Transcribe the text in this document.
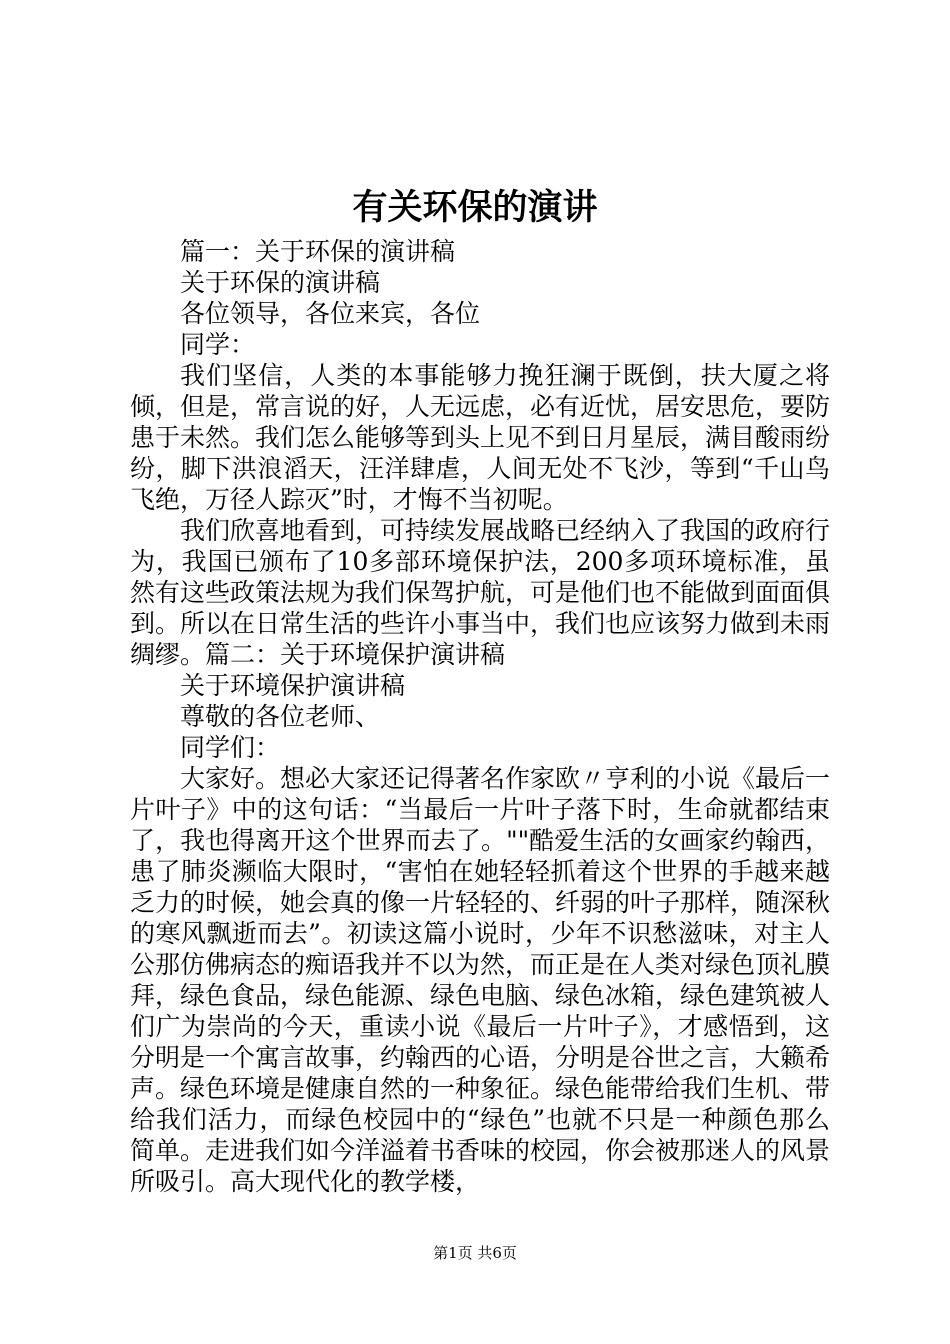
有关环保的演讲

篇一：关于环保的演讲稿

关于环保的演讲稿

各位领导，各位来宾，各位

同学：

我们坚信，人类的本事能够力挽狂澜于既倒，扶大厦之将倾，但是，常言说的好，人无远虑，必有近忧，居安思危，要防患于未然。我们怎么能够等到头上见不到日月星辰，满目酸雨纷纷，脚下洪浪滔天，汪洋肆虐，人间无处不飞沙，等到“千山鸟飞绝，万径人踪灭”时，才悔不当初呢。

我们欣喜地看到，可持续发展战略已经纳入了我国的政府行为，我国已颁布了10多部环境保护法，200多项环境标准，虽然有这些政策法规为我们保驾护航，可是他们也不能做到面面俱到。所以在日常生活的些许小事当中，我们也应该努力做到未雨绸缪。篇二：关于环境保护演讲稿

关于环境保护演讲稿

尊敬的各位老师、

同学们：

大家好。想必大家还记得著名作家欧〃亨利的小说《最后一片叶子》中的这句话：“当最后一片叶子落下时，生命就都结束了，我也得离开这个世界而去了。""酷爱生活的女画家约翰西，患了肺炎濒临大限时，“害怕在她轻轻抓着这个世界的手越来越乏力的时候，她会真的像一片轻轻的、纤弱的叶子那样，随深秋的寒风飘逝而去”。初读这篇小说时，少年不识愁滋味，对主人公那仿佛病态的痴语我并不以为然，而正是在人类对绿色顶礼膜拜，绿色食品，绿色能源、绿色电脑、绿色冰箱，绿色建筑被人们广为崇尚的今天，重读小说《最后一片叶子》，才感悟到，这分明是一个寓言故事，约翰西的心语，分明是谷世之言，大籁希声。绿色环境是健康自然的一种象征。绿色能带给我们生机、带给我们活力，而绿色校园中的“绿色”也就不只是一种颜色那么简单。走进我们如今洋溢着书香味的校园，你会被那迷人的风景所吸引。高大现代化的教学楼，

第1页 共6页
